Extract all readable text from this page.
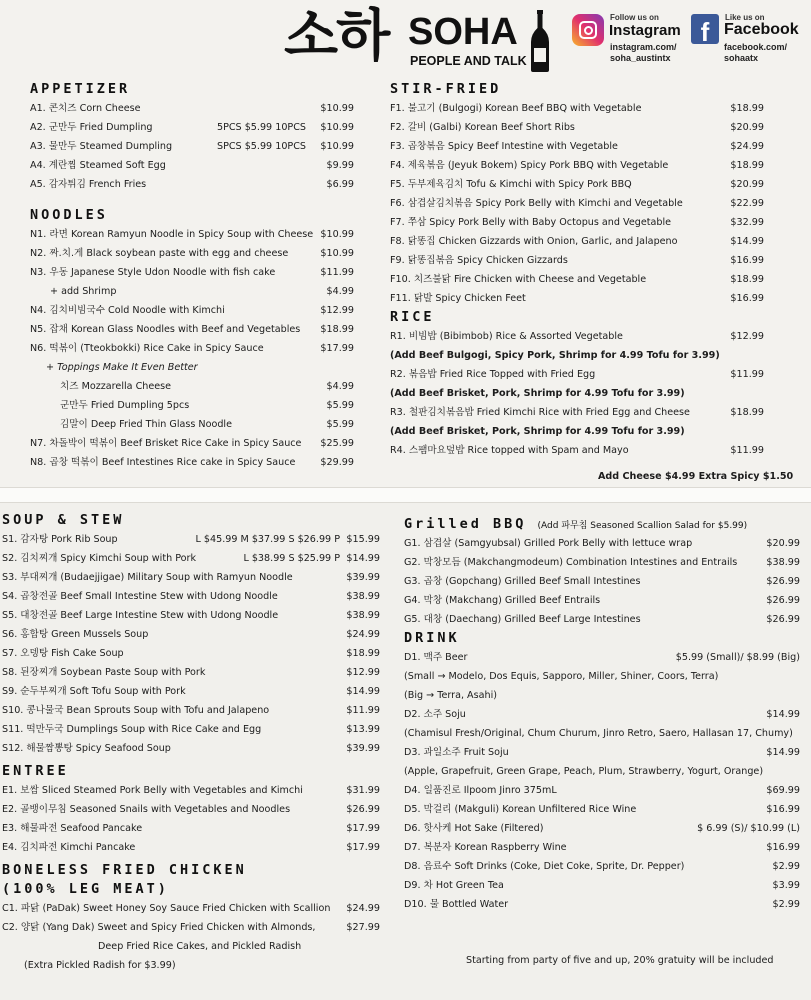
소하 SOHA
PEOPLE AND TALK
Follow us on
Instagram
instagram.com/
soha_austintx
f	Like us on
Facebook
facebook.com/
sohaatx
APPETIZER
A1. 콘치즈 Corn Cheese	$10.99
A2. 군만두 Fried Dumpling	5PCS $5.99 10PCS $10.99
A3. 물만두 Steamed Dumpling	SPCS $5.99 10PCS $10.99
A4. 계란찜 Steamed Soft Egg	$9.99
A5. 감자튀김 French Fries	$6.99
NOODLES
N1. 라면 Korean Ramyun Noodle in Spicy Soup with Cheese $10.99
N2. 짜.치.게 Black soybean paste with egg and cheese	$10.99
N3. 우동 Japanese Style Udon Noodle with fish cake	$11.99
+ add Shrimp	$4.99
N4. 김치비빔국수 Cold Noodle with Kimchi	$12.99
N5. 잡채 Korean Glass Noodles with Beef and Vegetables $18.99
N6. 떡볶이 (Tteokbokki) Rice Cake in Spicy Sauce	$17.99
+ Toppings Make It Even Better
치즈 Mozzarella Cheese	$4.99
군만두 Fried Dumpling 5pcs	$5.99
김말이 Deep Fried Thin Glass Noodle	$5.99
N7. 차돌박이 떡볶이 Beef Brisket Rice Cake in Spicy Sauce $25.99
N8. 곱창 떡볶이 Beef Intestines Rice cake in Spicy Sauce	$29.99
STIR-FRIED
F1. 불고기 (Bulgogi) Korean Beef BBQ with Vegetable	$18.99
F2. 갈비 (Galbi) Korean Beef Short Ribs	$20.99
F3. 곱창볶음 Spicy Beef Intestine with Vegetable	$24.99
F4. 제육볶음 (Jeyuk Bokem) Spicy Pork BBQ with Vegetable	$18.99
F5. 두부제육김치 Tofu & Kimchi with Spicy Pork BBQ	$20.99
F6. 삼겹살김치볶음 Spicy Pork Belly with Kimchi and Vegetable	$22.99
F7. 쭈삼 Spicy Pork Belly with Baby Octopus and Vegetable	$32.99
F8. 닭똥집 Chicken Gizzards with Onion, Garlic, and Jalapeno	$14.99
F9. 닭똥집볶음 Spicy Chicken Gizzards	$16.99
F10. 치즈불닭 Fire Chicken with Cheese and Vegetable	$18.99
F11. 닭발 Spicy Chicken Feet	$16.99
RICE
R1. 비빔밥 (Bibimbob) Rice & Assorted Vegetable	$12.99
(Add Beef Bulgogi, Spicy Pork, Shrimp for 4.99 Tofu for 3.99)
R2. 볶음밥 Fried Rice Topped with Fried Egg	$11.99
(Add Beef Brisket, Pork, Shrimp for 4.99 Tofu for 3.99)
R3. 철판김치볶음밥 Fried Kimchi Rice with Fried Egg and Cheese	$18.99
(Add Beef Brisket, Pork, Shrimp for 4.99 Tofu for 3.99)
R4. 스팸마요덮밥 Rice topped with Spam and Mayo	$11.99
Add Cheese $4.99 Extra Spicy $1.50
SOUP & STEW
S1. 감자탕 Pork Rib Soup	L $45.99 M $37.99 S $26.99 P $15.99
S2. 김치찌개 Spicy Kimchi Soup with Pork	L $38.99 S $25.99 P $14.99
S3. 부대찌개 (Budaejjigae) Military Soup with Ramyun Noodle	$39.99
S4. 곱창전골 Beef Small Intestine Stew with Udong Noodle	$38.99
S5. 대창전골 Beef Large Intestine Stew with Udong Noodle	$38.99
S6. 홍합탕 Green Mussels Soup	$24.99
S7. 오뎅탕 Fish Cake Soup	$18.99
S8. 된장찌개 Soybean Paste Soup with Pork	$12.99
S9. 순두부찌개 Soft Tofu Soup with Pork	$14.99
S10. 콩나물국 Bean Sprouts Soup with Tofu and Jalapeno	$11.99
S11. 떡만두국 Dumplings Soup with Rice Cake and Egg	$13.99
S12. 해물짬뽕탕 Spicy Seafood Soup	$39.99
ENTREE
E1. 보쌈 Sliced Steamed Pork Belly with Vegetables and Kimchi	$31.99
E2. 골뱅이무침 Seasoned Snails with Vegetables and Noodles	$26.99
E3. 해물파전 Seafood Pancake	$17.99
E4. 김치파전 Kimchi Pancake	$17.99
BONELESS FRIED CHICKEN
(100% LEG MEAT)
C1. 파닭 (PaDak) Sweet Honey Soy Sauce Fried Chicken with Scallion $24.99
C2. 양닭 (Yang Dak) Sweet and Spicy Fried Chicken with Almonds,	$27.99
Deep Fried Rice Cakes, and Pickled Radish
(Extra Pickled Radish for $3.99)
Grilled BBQ (Add 파무침 Seasoned Scallion Salad for $5.99)
G1. 삼겹살 (Samgyubsal) Grilled Pork Belly with lettuce wrap	$20.99
G2. 막창모듬 (Makchangmodeum) Combination Intestines and Entrails	$38.99
G3. 곱창 (Gopchang) Grilled Beef Small Intestines	$26.99
G4. 막창 (Makchang) Grilled Beef Entrails	$26.99
G5. 대창 (Daechang) Grilled Beef Large Intestines	$26.99
DRINK
D1. 맥주 Beer	$5.99 (Small)/ $8.99 (Big)
(Small → Modelo, Dos Equis, Sapporo, Miller, Shiner, Coors, Terra)
(Big → Terra, Asahi)
D2. 소주 Soju	$14.99
(Chamisul Fresh/Original, Chum Churum, Jinro Retro, Saero, Hallasan 17, Chumy)
D3. 과일소주 Fruit Soju	$14.99
(Apple, Grapefruit, Green Grape, Peach, Plum, Strawberry, Yogurt, Orange)
D4. 일품진로 Ilpoom Jinro 375mL	$69.99
D5. 막걸리 (Makguli) Korean Unfiltered Rice Wine	$16.99
D6. 핫사케 Hot Sake (Filtered)	$ 6.99 (S)/ $10.99 (L)
D7. 복분자 Korean Raspberry Wine	$16.99
D8. 음료수 Soft Drinks (Coke, Diet Coke, Sprite, Dr. Pepper)	$2.99
D9. 차 Hot Green Tea	$3.99
D10. 물 Bottled Water	$2.99
Starting from party of five and up, 20% gratuity will be included
